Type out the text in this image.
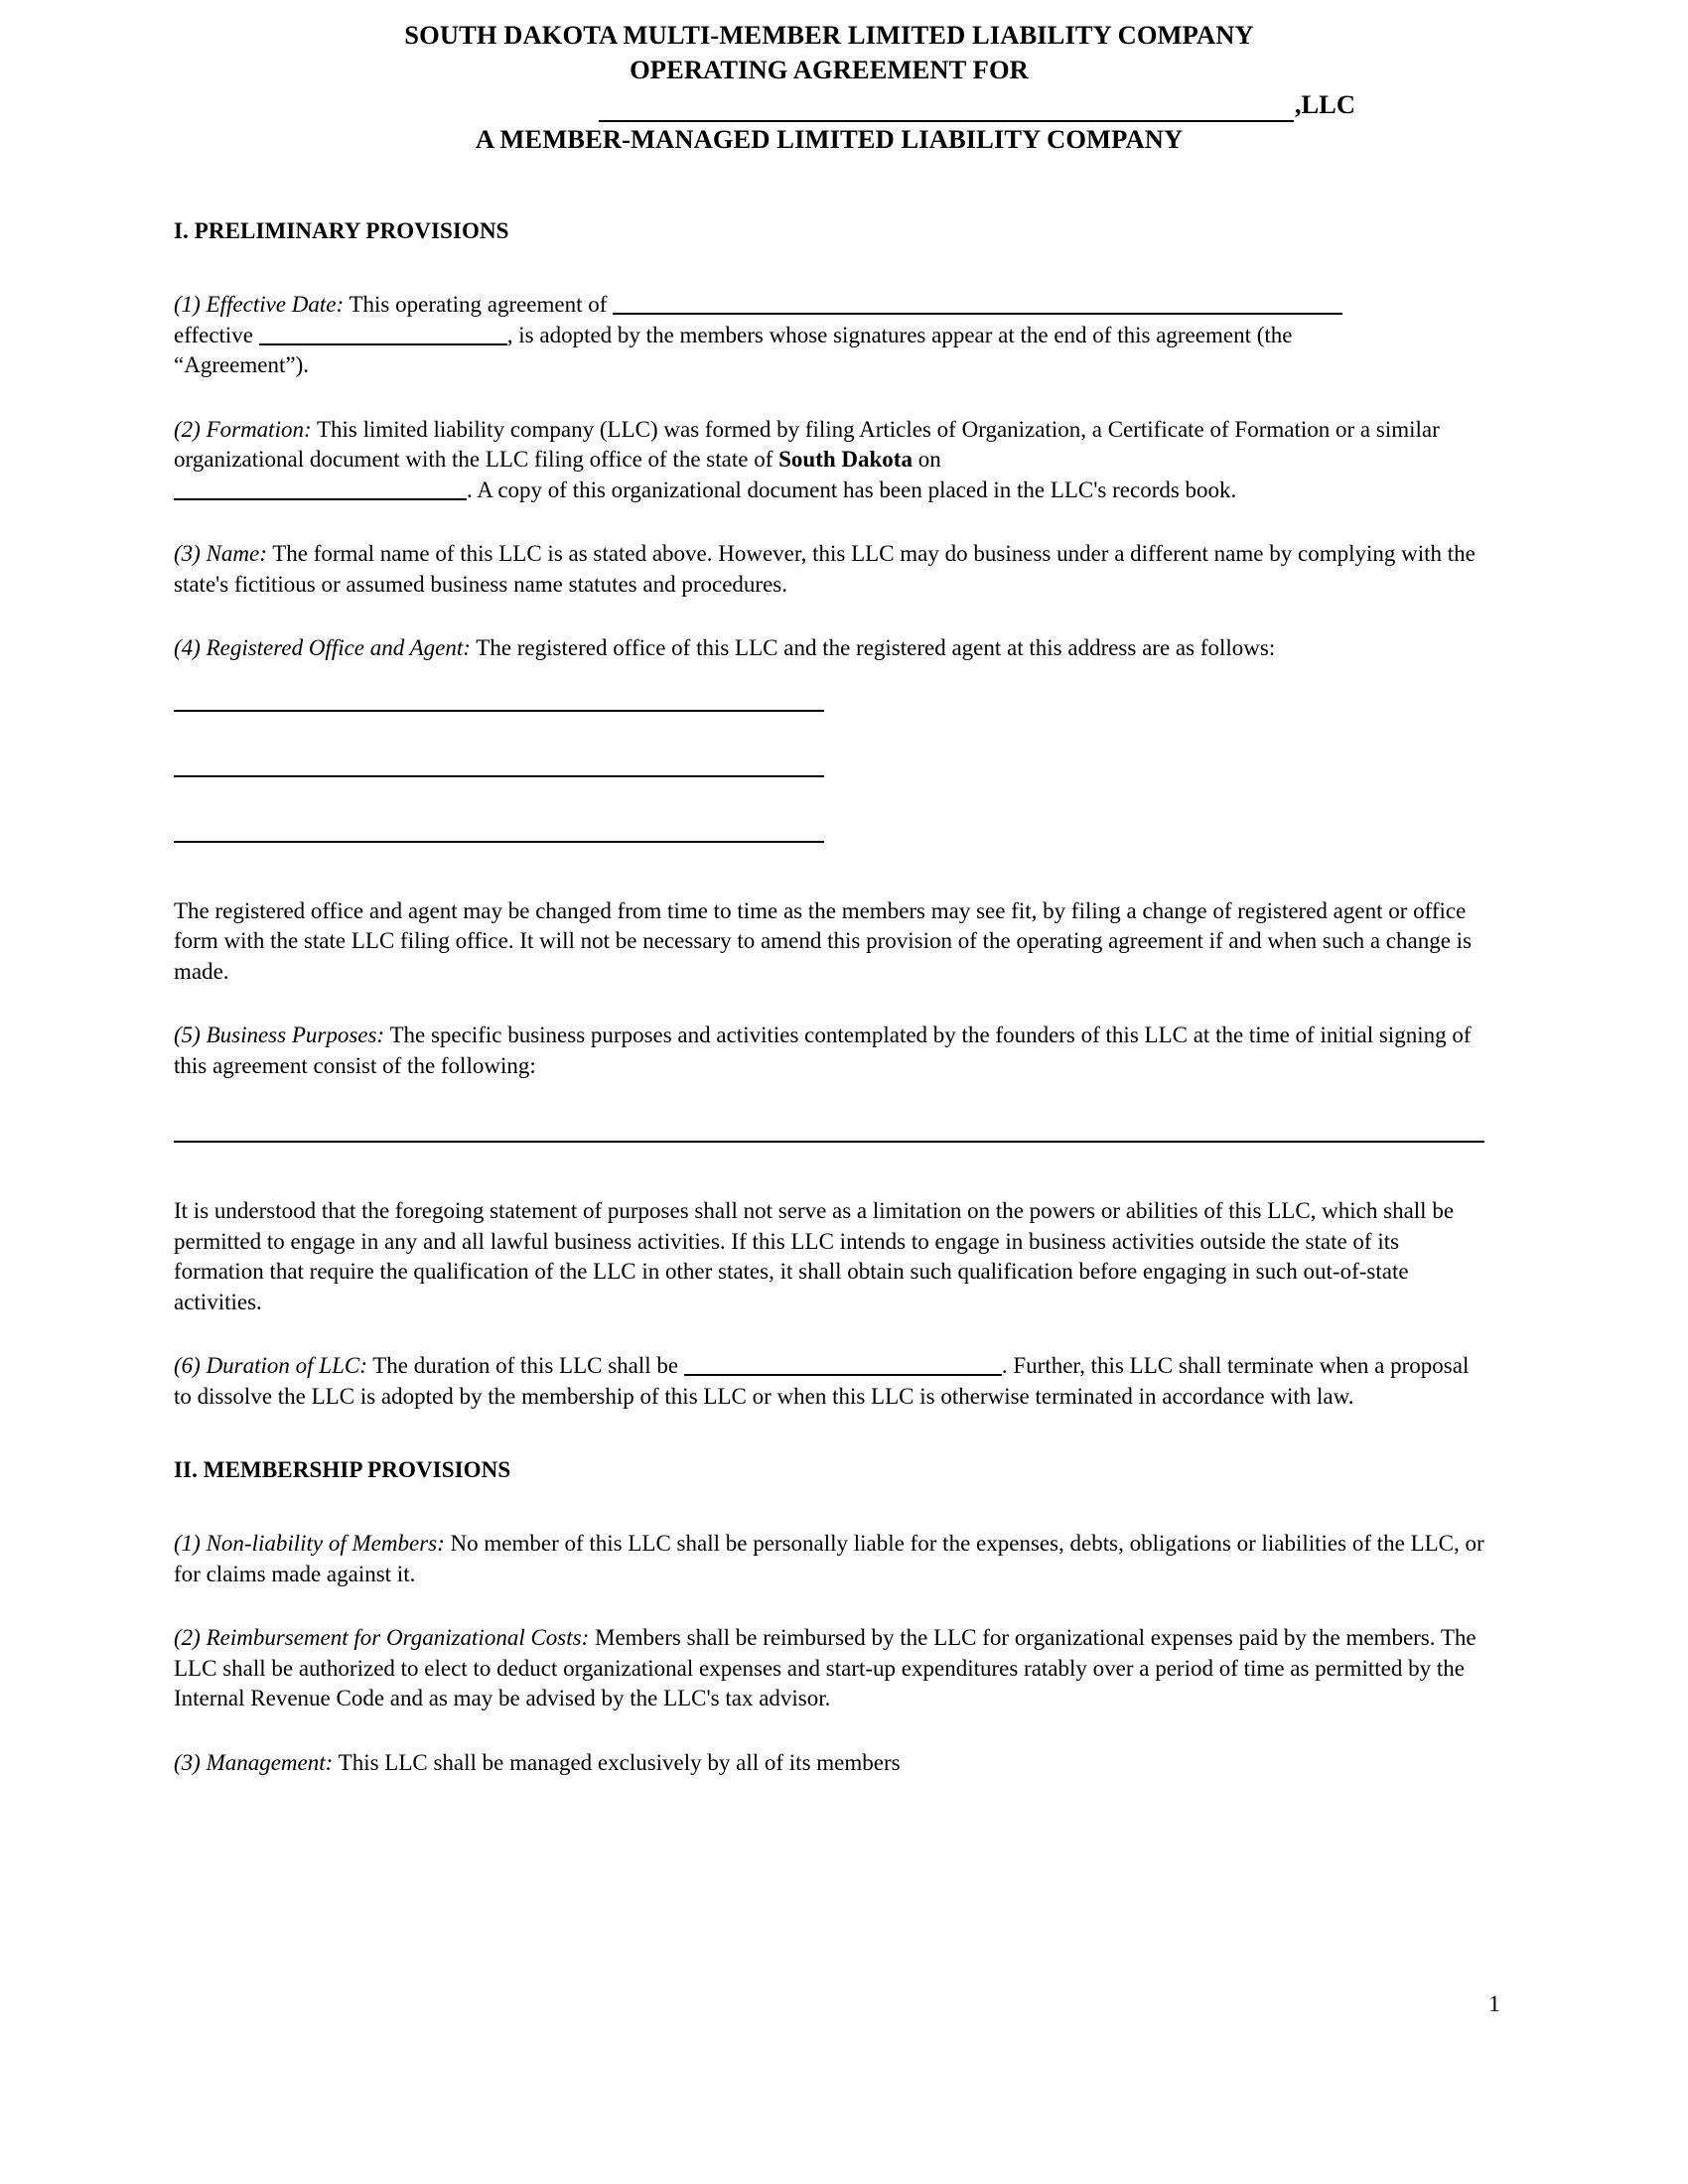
SOUTH DAKOTA MULTI-MEMBER LIMITED LIABILITY COMPANY
OPERATING AGREEMENT FOR
,LLC
A MEMBER-MANAGED LIMITED LIABILITY COMPANY
I. PRELIMINARY PROVISIONS

(1) Effective Date: This operating agreement of
effective	, is adopted by the members whose signatures appear at the end of this agreement (the
“Agreement”).

(2) Formation: This limited liability company (LLC) was formed by filing Articles of Organization, a Certificate of Formation or a similar organizational document with the LLC filing office of the state of South Dakota on
. A copy of this organizational document has been placed in the LLC's records book.

(3) Name: The formal name of this LLC is as stated above. However, this LLC may do business under a different name by complying with the state's fictitious or assumed business name statutes and procedures.

(4) Registered Office and Agent: The registered office of this LLC and the registered agent at this address are as follows:

The registered office and agent may be changed from time to time as the members may see fit, by filing a change of registered agent or office form with the state LLC filing office. It will not be necessary to amend this provision of the operating agreement if and when such a change is made.

(5) Business Purposes: The specific business purposes and activities contemplated by the founders of this LLC at the time of initial signing of this agreement consist of the following:

It is understood that the foregoing statement of purposes shall not serve as a limitation on the powers or abilities of this LLC, which shall be permitted to engage in any and all lawful business activities. If this LLC intends to engage in business activities outside the state of its formation that require the qualification of the LLC in other states, it shall obtain such qualification before engaging in such out-of-state activities.

(6) Duration of LLC: The duration of this LLC shall be	. Further, this LLC shall terminate when a proposal to dissolve the LLC is adopted by the membership of this LLC or when this LLC is otherwise terminated in accordance with law.

II. MEMBERSHIP PROVISIONS

(1) Non-liability of Members: No member of this LLC shall be personally liable for the expenses, debts, obligations or liabilities of the LLC, or for claims made against it.

(2) Reimbursement for Organizational Costs: Members shall be reimbursed by the LLC for organizational expenses paid by the members. The LLC shall be authorized to elect to deduct organizational expenses and start-up expenditures ratably over a period of time as permitted by the Internal Revenue Code and as may be advised by the LLC's tax advisor.

(3) Management: This LLC shall be managed exclusively by all of its members

1
